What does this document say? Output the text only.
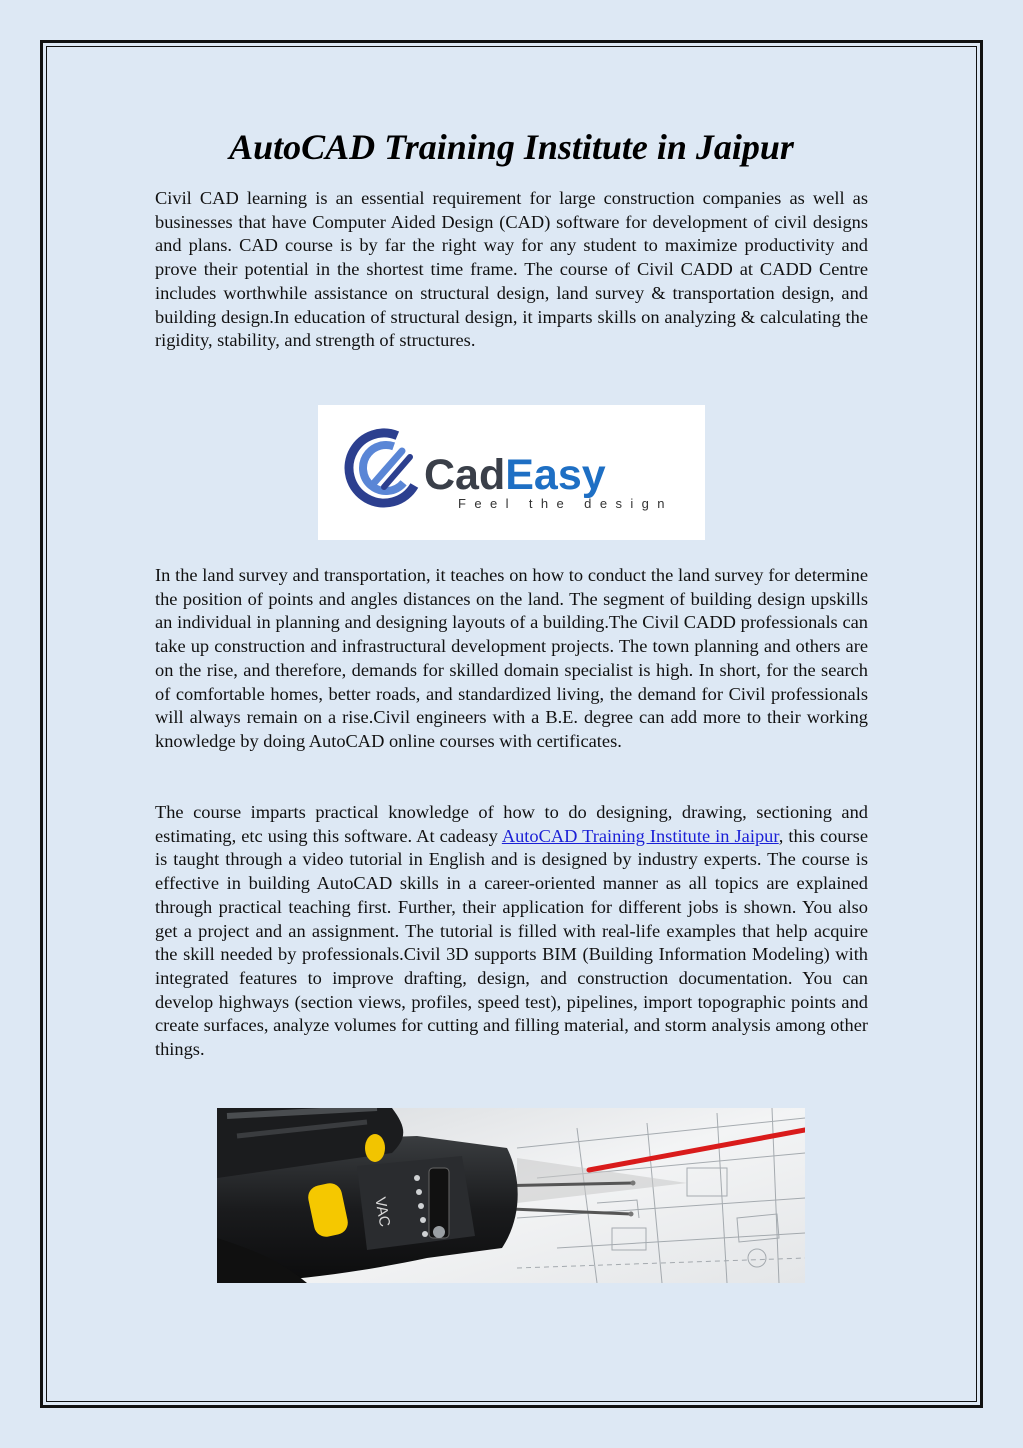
AutoCAD Training Institute in Jaipur

Civil CAD learning is an essential requirement for large construction companies as well as businesses that have Computer Aided Design (CAD) software for development of civil designs and plans. CAD course is by far the right way for any student to maximize productivity and prove their potential in the shortest time frame. The course of Civil CADD at CADD Centre includes worthwhile assistance on structural design, land survey & transportation design, and building design.In education of structural design, it imparts skills on analyzing & calculating the rigidity, stability, and strength of structures.

CadEasy
Feel the design

In the land survey and transportation, it teaches on how to conduct the land survey for determine the position of points and angles distances on the land. The segment of building design upskills an individual in planning and designing layouts of a building.The Civil CADD professionals can take up construction and infrastructural development projects. The town planning and others are on the rise, and therefore, demands for skilled domain specialist is high. In short, for the search of comfortable homes, better roads, and standardized living, the demand for Civil professionals will always remain on a rise.Civil engineers with a B.E. degree can add more to their working knowledge by doing AutoCAD online courses with certificates.

The course imparts practical knowledge of how to do designing, drawing, sectioning and estimating, etc using this software. At cadeasy AutoCAD Training Institute in Jaipur, this course is taught through a video tutorial in English and is designed by industry experts. The course is effective in building AutoCAD skills in a career-oriented manner as all topics are explained through practical teaching first. Further, their application for different jobs is shown. You also get a project and an assignment. The tutorial is filled with real-life examples that help acquire the skill needed by professionals.Civil 3D supports BIM (Building Information Modeling) with integrated features to improve drafting, design, and construction documentation. You can develop highways (section views, profiles, speed test), pipelines, import topographic points and create surfaces, analyze volumes for cutting and filling material, and storm analysis among other things.

VAC
